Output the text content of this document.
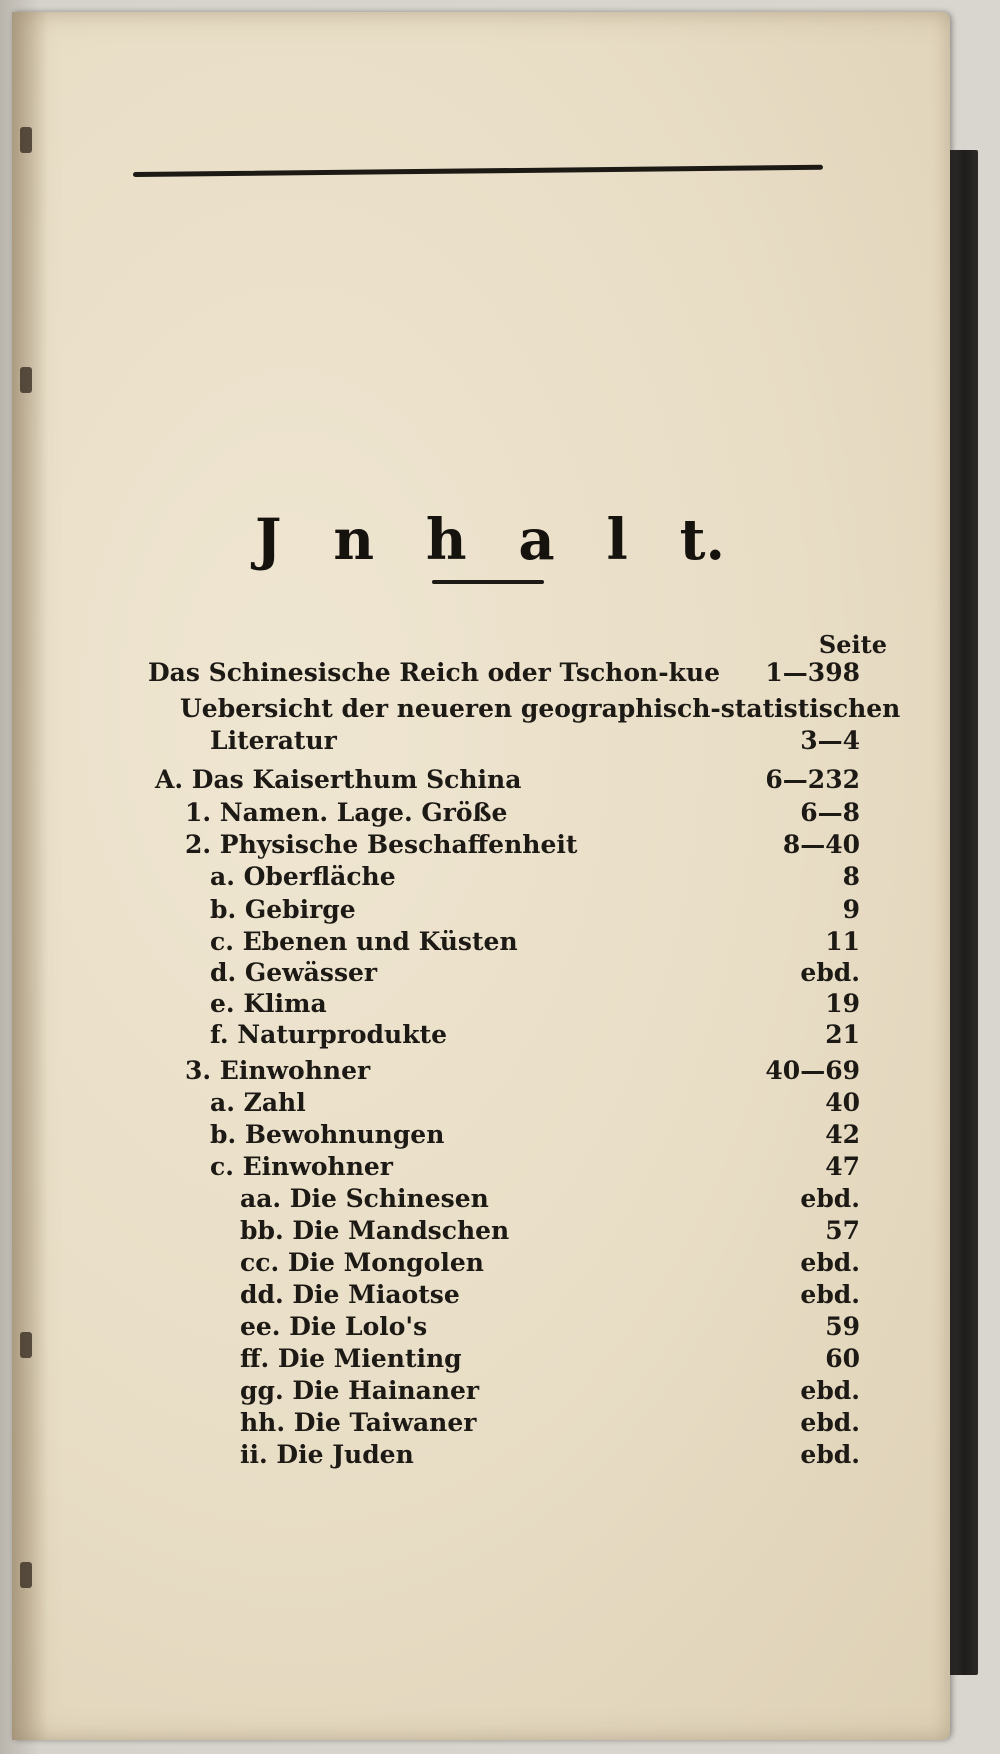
J n h a l t.
Seite
Das Schinesische Reich oder Tschon-kue 1—398
Uebersicht der neueren geographisch-statistischen
Literatur	3—4
A. Das Kaiserthum Schina	6—232
1. Namen. Lage. Größe	6—8
2. Physische Beschaffenheit	8—40
a. Oberfläche	8
b. Gebirge	9
c. Ebenen und Küsten	11
d. Gewässer	ebd.
e. Klima	19
f. Naturprodukte	21
3. Einwohner	40—69
a. Zahl	40
b. Bewohnungen	42
c. Einwohner	47
aa. Die Schinesen	ebd.
bb. Die Mandschen	57
cc. Die Mongolen	ebd.
dd. Die Miaotse	ebd.
ee. Die Lolo's	59
ff. Die Mienting	60
gg. Die Hainaner	ebd.
hh. Die Taiwaner	ebd.
ii. Die Juden	ebd.
